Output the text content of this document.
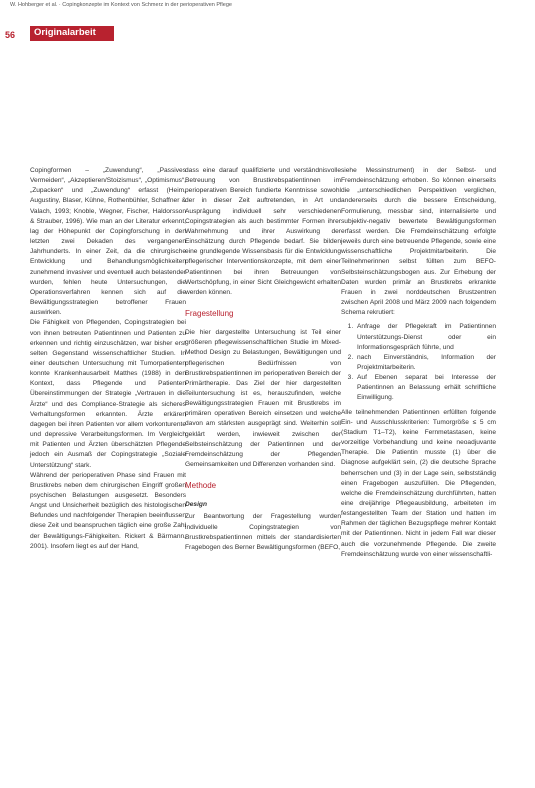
W. Hohberger et al. · Copingkonzepte im Kontext von Schmerz in der perioperativen Pflege
56 Originalarbeit

Copingformen – „Zuwendung“, „Passives Vermeiden“, „Akzeptieren/Stoizismus“, „Optimismus“, „Zupacken“ und „Zuwendung“ erfasst (Heim, Augustiny, Blaser, Kühne, Rothenbühler, Schaffner & Valach, 1993; Knoble, Wegner, Fischer, Haldorsson & Strauber, 1996). Wie man an der Literatur erkennt, lag der Höhepunkt der Copingforschung in den letzten zwei Dekaden des vergangenen Jahrhunderts. In einer Zeit, da die chirurgische Entwicklung und Behandlungsmöglichkeiten zunehmend invasiver und eventuell auch belastender wurden, fehlen heute Untersuchungen, die Operationsverfahren kennen sich auf die Bewältigungsstrategien betroffener Frauen auswirken.

Die Fähigkeit von Pflegenden, Copingstrategien bei von ihnen betreuten Patientinnen und Patienten zu erkennen und richtig einzuschätzen, war bisher erst selten Gegenstand wissenschaftlicher Studien. In einer deutschen Untersuchung mit Tumorpatienten konnte Krankenhausarbeit Matthes (1988) in den Kontext, dass Pflegende und Patienten Übereinstimmungen der Strategie „Vertrauen in die Ärzte“ und des Compliance-Strategie als sicheres Verhaltungsformen erkannten. Ärzte erkären dagegen bei ihren Patienten vor allem vorkonturente und depressive Verarbeitungsformen. Im Vergleich mit Patienten und Ärzten überschätzten Pflegende jedoch ein Ausmaß der Copingstrategie „Soziale Unterstützung“ stark.

Während der perioperativen Phase sind Frauen mit Brustkrebs neben dem chirurgischen Eingriff großen psychischen Belastungen ausgesetzt. Besonders Angst und Unsicherheit bezüglich des histologischen Befundes und nachfolgender Therapien beeinflussen diese Zeit und beanspruchen täglich eine große Zahl der Bewältigungs-Fähigkeiten. Rickert & Bärmann, 2001). Insofern liegt es auf der Hand,

dass eine darauf qualifizierte und verständnisvolle Betreuung von Brustkrebspatientinnen im perioperativen Bereich fundierte Kenntnisse sowohl der in dieser Zeit auftretenden, in Art und Ausprägung individuell sehr verschiedenen Copingstrategien als auch bestimmter Formen ihrer Wahrnehmung und ihrer Auswirkung der Einschätzung durch Pflegende bedarf. Sie bilden eine grundlegende Wissensbasis für die Entwicklung pflegerischer Interventionskonzepte, mit dem einer Patientinnen bei ihren Betreuungen von Wertschöpfung, in einer Sicht Gleichgewicht erhalten werden können.

Fragestellung

Die hier dargestellte Untersuchung ist Teil einer größeren pflegewissenschaftlichen Studie im Mixed-Method Design zu Belastungen, Bewältigungen und pflegerischen Bedürfnissen von Brustkrebspatientinnen im perioperativen Bereich der Primärtherapie. Das Ziel der hier dargestellten Teiluntersuchung ist es, herauszufinden, welche Bewältigungsstrategien Frauen mit Brustkrebs im primären operativen Bereich einsetzen und welche davon am stärksten ausgeprägt sind. Weiterhin soll geklärt werden, inwieweit zwischen der Selbsteinschätzung der Patientinnen und der Fremdeinschätzung der Pflegenden Gemeinsamkeiten und Differenzen vorhanden sind.

Methode
Design

Zur Beantwortung der Fragestellung wurden individuelle Copingstrategien von Brustkrebspatientinnen mittels der standardisierten Fragebogen des Berner Bewältigungsformen (BEFO,

siehe Messinstrument) in der Selbst- und Fremdeinschätzung erhoben. So können einerseits die „unterschiedlichen Perspektiven verglichen, andererseits durch die bessere Entscheidung, Formulierung, messbar sind, internalisierte und subjektiv-negativ bewertete Bewältigungsformen erfasst werden. Die Fremdeinschätzung erfolgte jeweils durch eine betreuende Pflegende, sowie eine wissenschaftliche Projektmitarbeiterin. Die Teilnehmerinnen selbst füllten zum BEFO-Selbsteinschätzungsbogen aus. Zur Erhebung der Daten wurden primär an Brustkrebs erkrankte Frauen in zwei norddeutschen Brustzentren zwischen April 2008 und März 2009 nach folgendem Schema rekrutiert:

1. Anfrage der Pflegekraft im Patientinnen Unterstützungs-Dienst oder ein Informationsgespräch führte, und
2. nach Einverständnis, Information der Projektmitarbeiterin.
3. Auf Ebenen separat bei Interesse der Patientinnen an Belassung erhält schriftliche Einwilligung.

Alle teilnehmenden Patientinnen erfüllten folgende Ein- und Ausschlusskriterien: Tumorgröße ≤ 5 cm (Stadium T1–T2), keine Fernmetastasen, keine vorzeitige Vorbehandlung und keine neoadjuvante Therapie. Die Patientin musste (1) über die Diagnose aufgeklärt sein, (2) die deutsche Sprache beherrschen und (3) in der Lage sein, selbstständig einen Fragebogen auszufüllen. Die Pflegenden, welche die Fremdeinschätzung durchführten, hatten eine dreijährige Pflegeausbildung, arbeiteten im festangestellten Team der Station und hatten im Rahmen der täglichen Bezugspflege mehrer Kontakt mit der Patientinnen. Nicht in jedem Fall war dieser auch die vorzunehmende Pflegende. Die zweite Fremdeinschätzung wurde von einer wissenschaftli-
